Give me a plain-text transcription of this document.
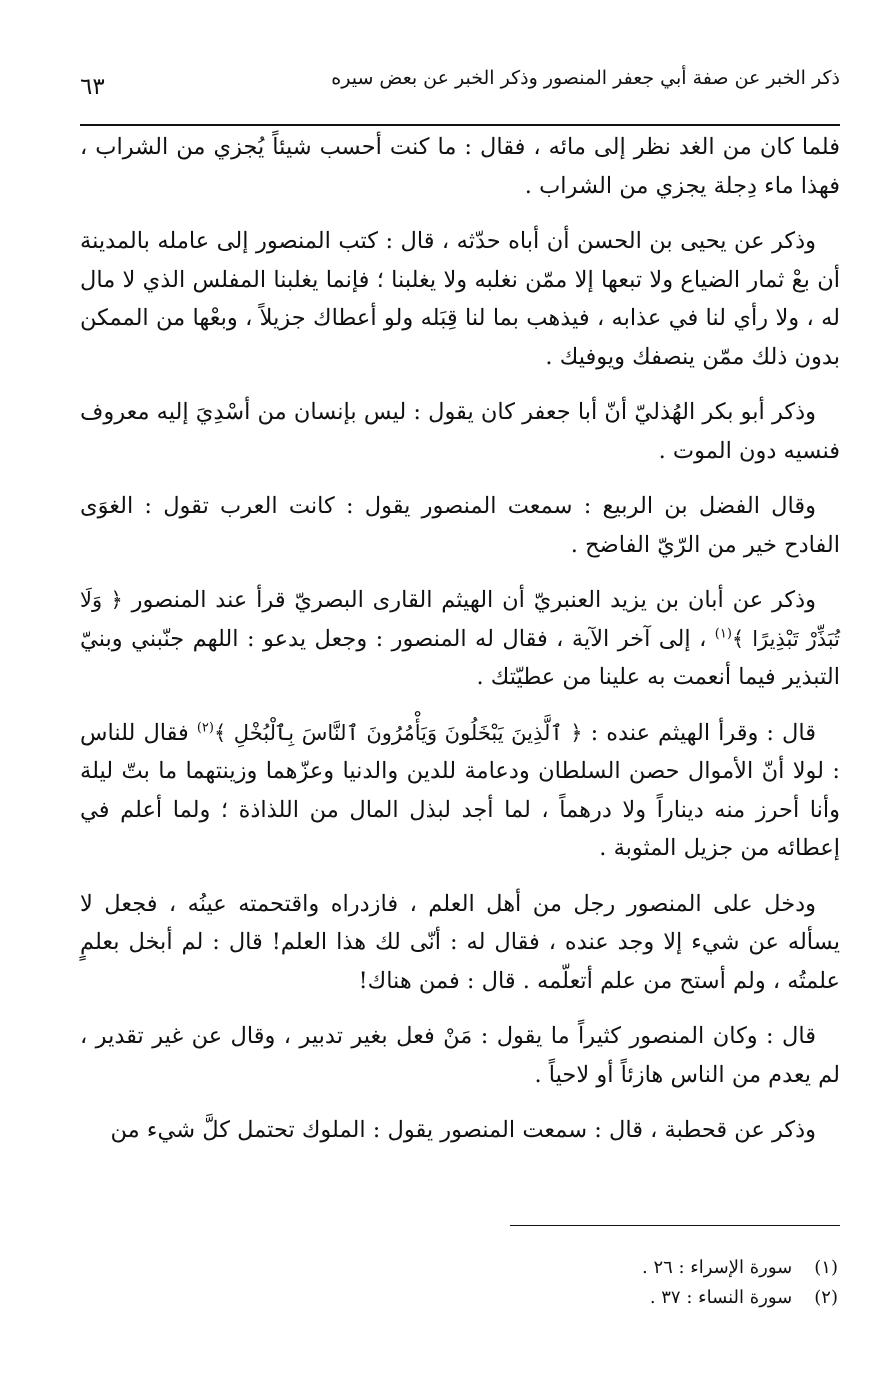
ذكر الخبر عن صفة أبي جعفر المنصور وذكر الخبر عن بعض سيره
٦٣

فلما كان من الغد نظر إلى مائه ، فقال : ما كنت أحسب شيئاً يُجزي من الشراب ، فهذا ماء دِجلة يجزي من الشراب .

وذكر عن يحيى بن الحسن أن أباه حدّثه ، قال : كتب المنصور إلى عامله بالمدينة أن بعْ ثمار الضياع ولا تبعها إلا ممّن نغلبه ولا يغلبنا ؛ فإنما يغلبنا المفلس الذي لا مال له ، ولا رأي لنا في عذابه ، فيذهب بما لنا قِبَله ولو أعطاك جزيلاً ، وبعْها من الممكن بدون ذلك ممّن ينصفك ويوفيك .

وذكر أبو بكر الهُذليّ أنّ أبا جعفر كان يقول : ليس بإنسان من أسْدِيَ إليه معروف فنسيه دون الموت .

وقال الفضل بن الربيع : سمعت المنصور يقول : كانت العرب تقول : الغوَى الفادح خير من الرّيّ الفاضح .

وذكر عن أبان بن يزيد العنبريّ أن الهيثم القارى البصريّ قرأ عند المنصور ﴿ وَلَا تُبَذِّرْ تَبْذِيرًا ﴾$^{(١)}$ ، إلى آخر الآية ، فقال له المنصور : وجعل يدعو : اللهم جنّبني وبنيّ التبذير فيما أنعمت به علينا من عطيّتك .

قال : وقرأ الهيثم عنده : ﴿ ٱلَّذِينَ يَبْخَلُونَ وَيَأْمُرُونَ ٱلنَّاسَ بِٱلْبُخْلِ ﴾$^{(٢)}$ فقال للناس : لولا أنّ الأموال حصن السلطان ودعامة للدين والدنيا وعزّهما وزينتهما ما بتّ ليلة وأنا أحرز منه ديناراً ولا درهماً ، لما أجد لبذل المال من اللذاذة ؛ ولما أعلم في إعطائه من جزيل المثوبة .

ودخل على المنصور رجل من أهل العلم ، فازدراه واقتحمته عينُه ، فجعل لا يسأله عن شيء إلا وجد عنده ، فقال له : أنّى لك هذا العلم! قال : لم أبخل بعلمٍ علمتُه ، ولم أستح من علم أتعلّمه . قال : فمن هناك!

قال : وكان المنصور كثيراً ما يقول : مَنْ فعل بغير تدبير ، وقال عن غير تقدير ، لم يعدم من الناس هازئاً أو لاحياً .

وذكر عن قحطبة ، قال : سمعت المنصور يقول : الملوك تحتمل كلَّ شيء من

(١)سورة الإسراء : ٢٦ .
(٢)سورة النساء : ٣٧ .
